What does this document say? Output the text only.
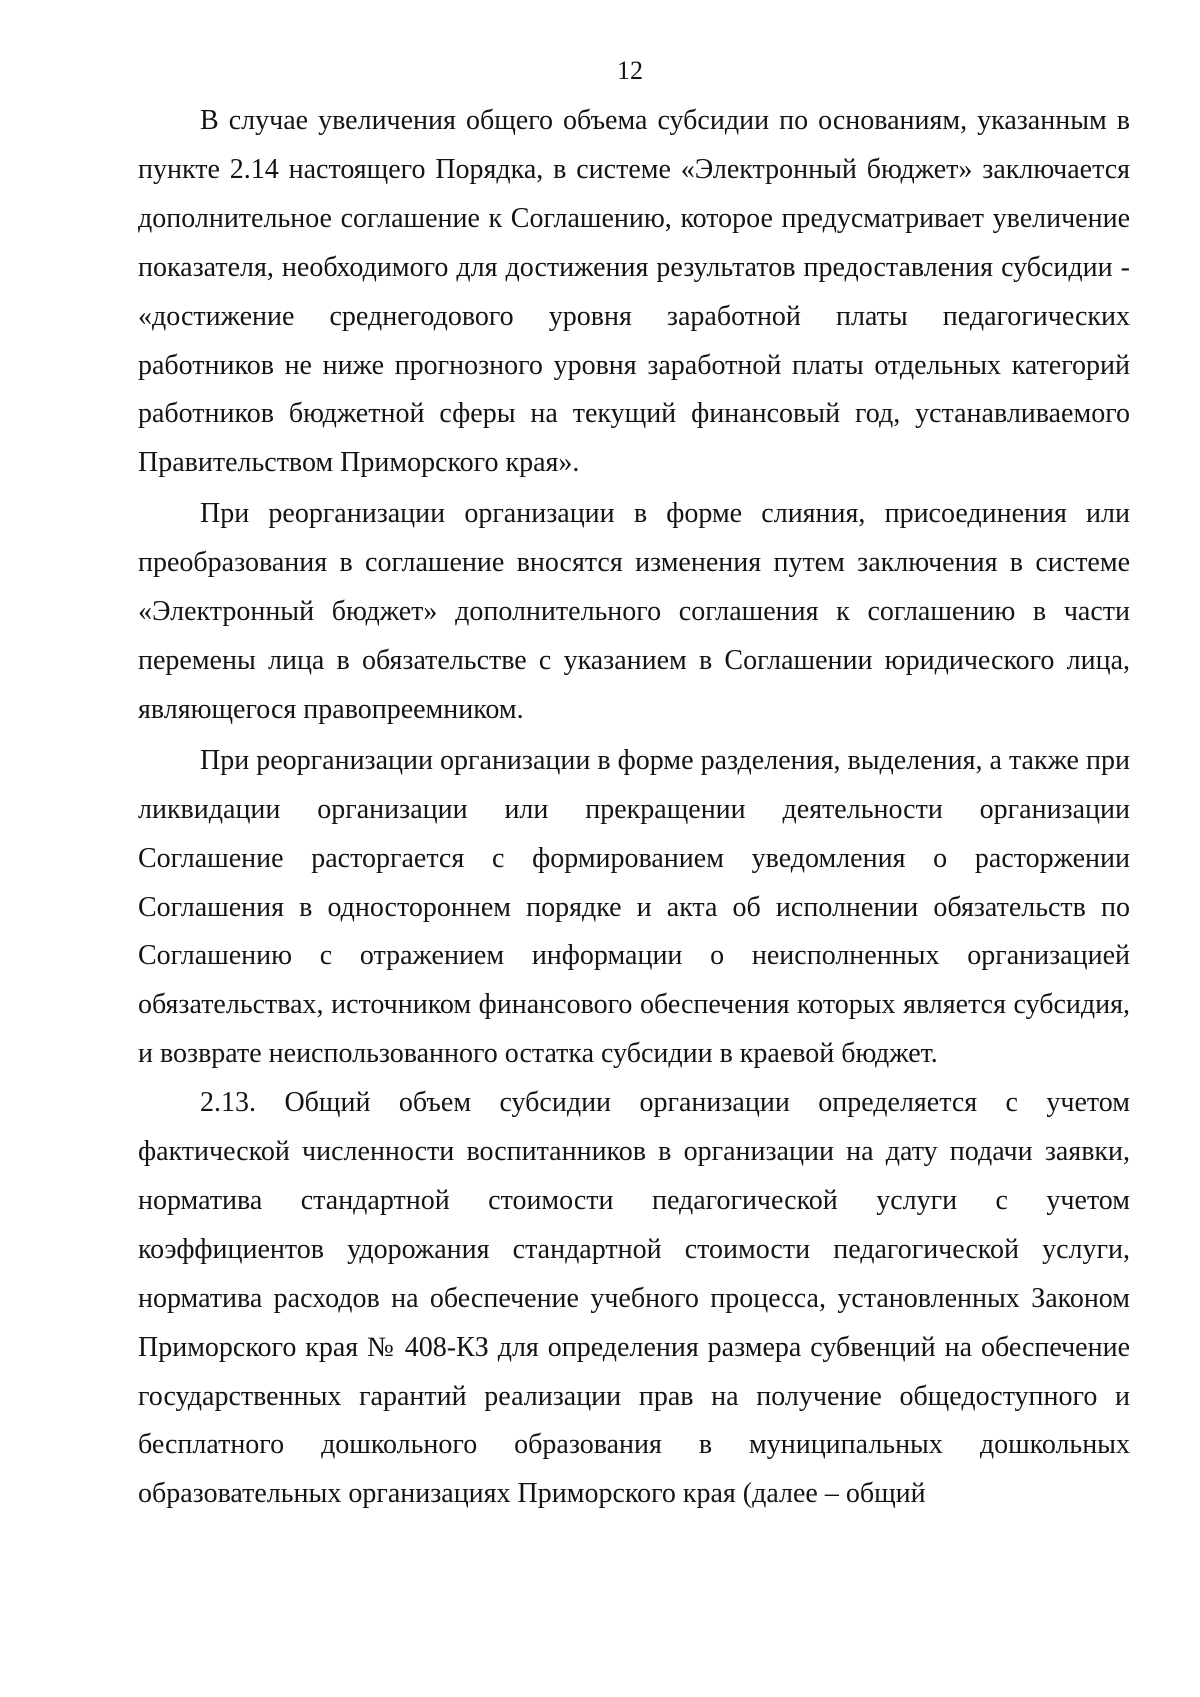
12

В случае увеличения общего объема субсидии по основаниям, указанным в пункте 2.14 настоящего Порядка, в системе «Электронный бюджет» заключается дополнительное соглашение к Соглашению, которое предусматривает увеличение показателя, необходимого для достижения результатов предоставления субсидии - «достижение среднегодового уровня заработной платы педагогических работников не ниже прогнозного уровня заработной платы отдельных категорий работников бюджетной сферы на текущий финансовый год, устанавливаемого Правительством Приморского края».

При реорганизации организации в форме слияния, присоединения или преобразования в соглашение вносятся изменения путем заключения в системе «Электронный бюджет» дополнительного соглашения к соглашению в части перемены лица в обязательстве с указанием в Соглашении юридического лица, являющегося правопреемником.

При реорганизации организации в форме разделения, выделения, а также при ликвидации организации или прекращении деятельности организации Соглашение расторгается с формированием уведомления о расторжении Соглашения в одностороннем порядке и акта об исполнении обязательств по Соглашению с отражением информации о неисполненных организацией обязательствах, источником финансового обеспечения которых является субсидия, и возврате неиспользованного остатка субсидии в краевой бюджет.

2.13. Общий объем субсидии организации определяется с учетом фактической численности воспитанников в организации на дату подачи заявки, норматива стандартной стоимости педагогической услуги с учетом коэффициентов удорожания стандартной стоимости педагогической услуги, норматива расходов на обеспечение учебного процесса, установленных Законом Приморского края № 408-КЗ для определения размера субвенций на обеспечение государственных гарантий реализации прав на получение общедоступного и бесплатного дошкольного образования в муниципальных дошкольных образовательных организациях Приморского края (далее – общий
